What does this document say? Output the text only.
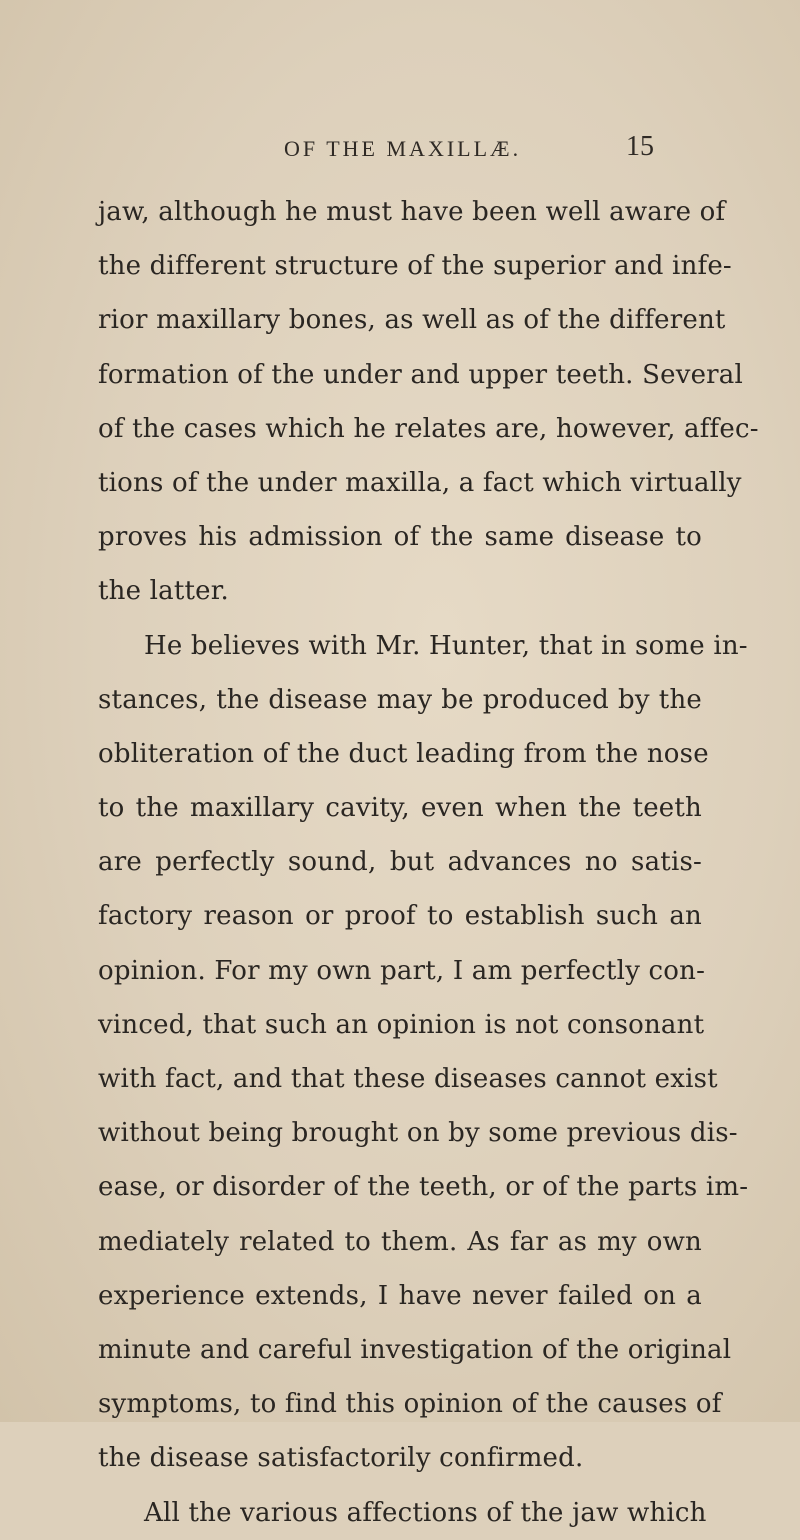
OF THE MAXILLÆ.	15
jaw, although he must have been well aware of
the different structure of the superior and infe-
rior maxillary bones, as well as of the different
formation of the under and upper teeth. Several
of the cases which he relates are, however, affec-
tions of the under maxilla, a fact which virtually
proves his admission of the same disease to
the latter.
He believes with Mr. Hunter, that in some in-
stances, the disease may be produced by the
obliteration of the duct leading from the nose
to the maxillary cavity, even when the teeth
are perfectly sound, but advances no satis-
factory reason or proof to establish such an
opinion. For my own part, I am perfectly con-
vinced, that such an opinion is not consonant
with fact, and that these diseases cannot exist
without being brought on by some previous dis-
ease, or disorder of the teeth, or of the parts im-
mediately related to them. As far as my own
experience extends, I have never failed on a
minute and careful investigation of the original
symptoms, to find this opinion of the causes of
the disease satisfactorily confirmed.
All the various affections of the jaw which
